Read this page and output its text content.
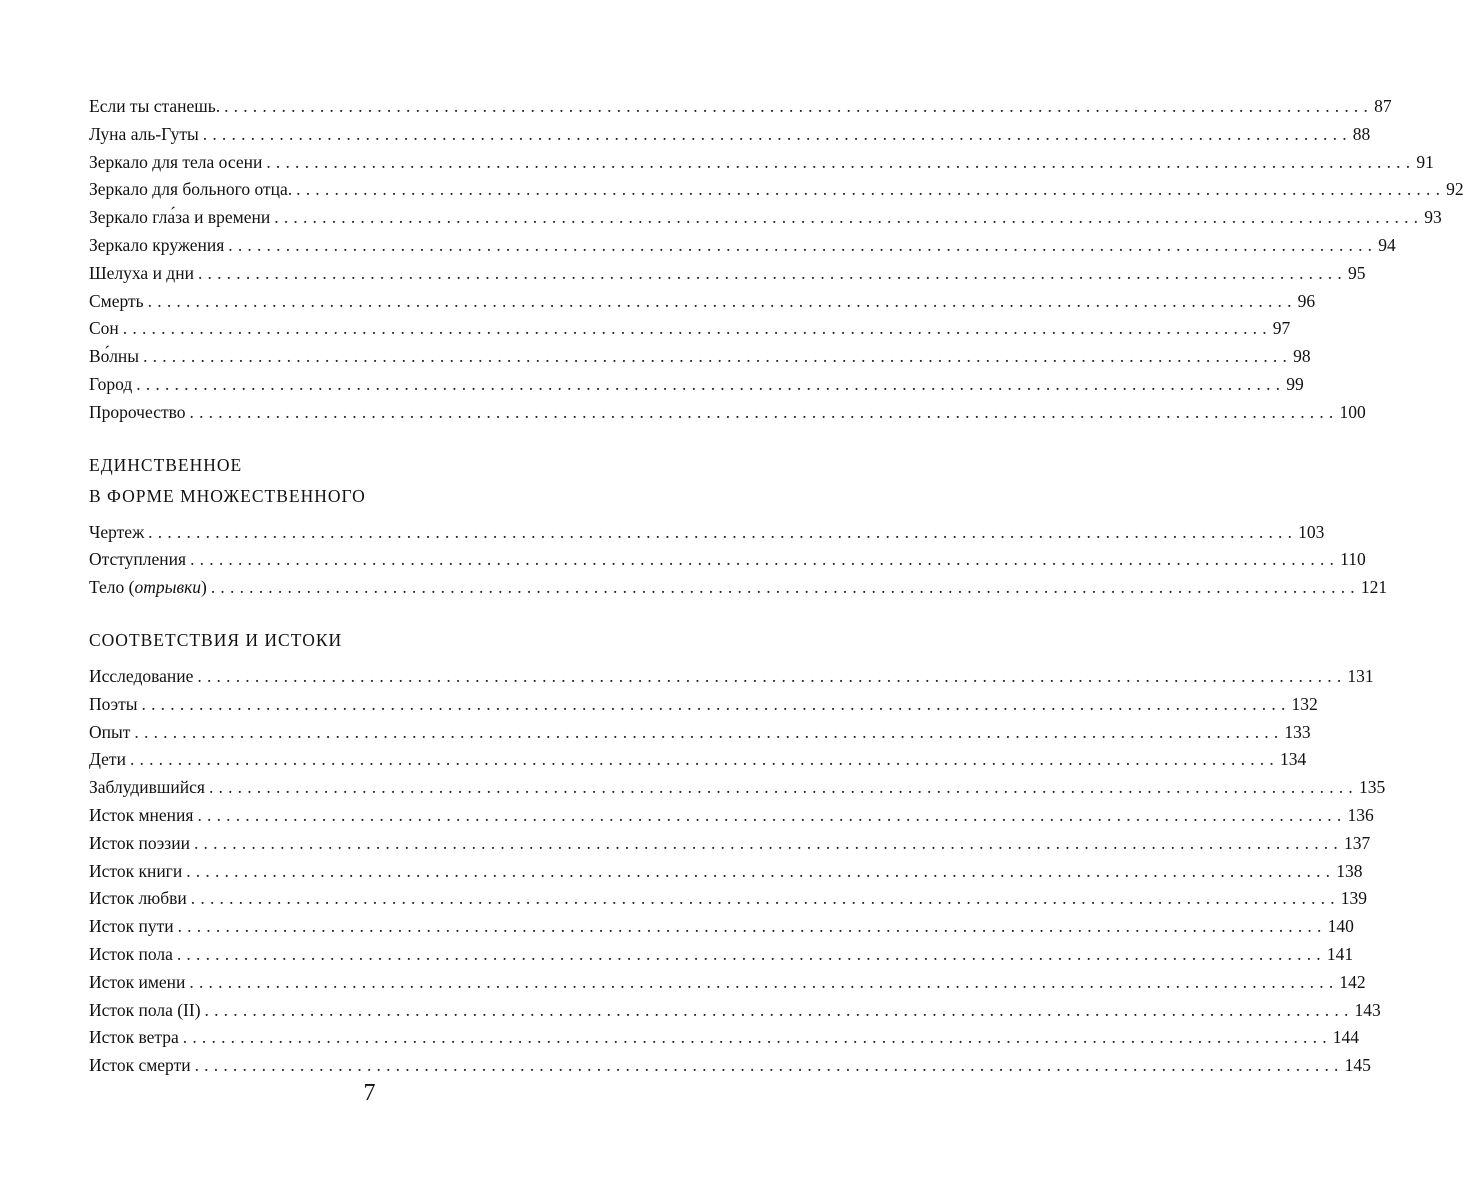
Если ты станешь. ........................................................................................................................ 87
Луна аль-Гуты ........................................................................................................................ 88
Зеркало для тела осени ........................................................................................................................ 91
Зеркало для больного отца. ........................................................................................................................ 92
Зеркало гла́за и времени ........................................................................................................................ 93
Зеркало кружения ........................................................................................................................ 94
Шелуха и дни ........................................................................................................................ 95
Смерть ........................................................................................................................ 96
Сон ........................................................................................................................ 97
Во́лны ........................................................................................................................ 98
Город ........................................................................................................................ 99
Пророчество ........................................................................................................................ 100

ЕДИНСТВЕННОЕ

В ФОРМЕ МНОЖЕСТВЕННОГО

Чертеж ........................................................................................................................ 103
Отступления ........................................................................................................................ 110
Тело (отрывки) ........................................................................................................................ 121

СООТВЕТСТВИЯ И ИСТОКИ

Исследование ........................................................................................................................ 131
Поэты ........................................................................................................................ 132
Опыт ........................................................................................................................ 133
Дети ........................................................................................................................ 134
Заблудившийся ........................................................................................................................ 135
Исток мнения ........................................................................................................................ 136
Исток поэзии ........................................................................................................................ 137
Исток книги ........................................................................................................................ 138
Исток любви ........................................................................................................................ 139
Исток пути ........................................................................................................................ 140
Исток пола ........................................................................................................................ 141
Исток имени ........................................................................................................................ 142
Исток пола (II) ........................................................................................................................ 143
Исток ветра ........................................................................................................................ 144
Исток смерти ........................................................................................................................ 145
7
